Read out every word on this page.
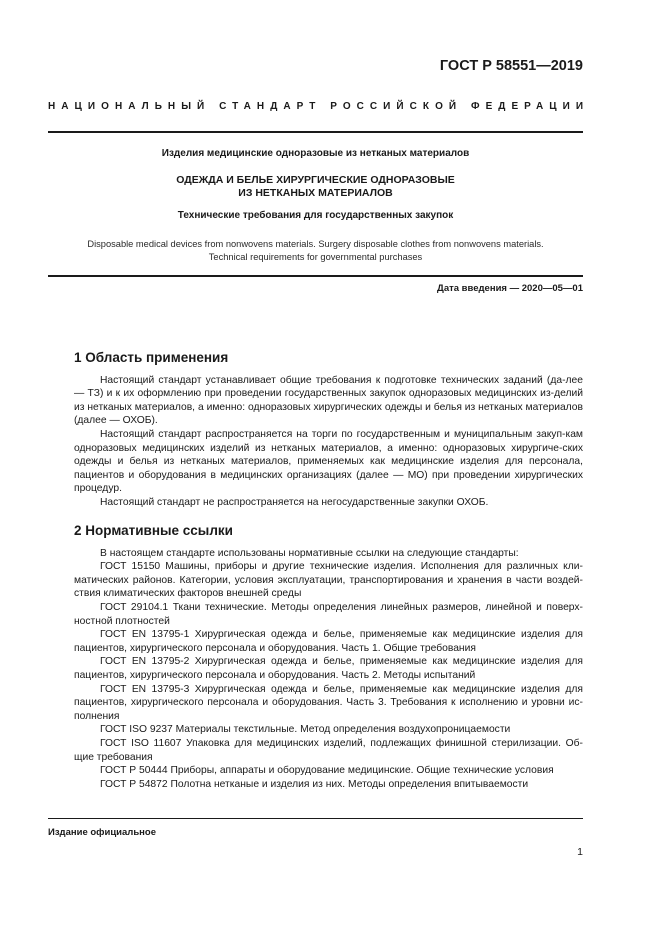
ГОСТ Р 58551—2019
НАЦИОНАЛЬНЫЙ СТАНДАРТ РОССИЙСКОЙ ФЕДЕРАЦИИ
Изделия медицинские одноразовые из нетканых материалов
ОДЕЖДА И БЕЛЬЕ ХИРУРГИЧЕСКИЕ ОДНОРАЗОВЫЕ
ИЗ НЕТКАНЫХ МАТЕРИАЛОВ
Технические требования для государственных закупок
Disposable medical devices from nonwovens materials. Surgery disposable clothes from nonwovens materials.
Technical requirements for governmental purchases
Дата введения — 2020—05—01
1 Область применения

Настоящий стандарт устанавливает общие требования к подготовке технических заданий (да-лее — ТЗ) и к их оформлению при проведении государственных закупок одноразовых медицинских из-делий из нетканых материалов, а именно: одноразовых хирургических одежды и белья из нетканых материалов (далее — ОХОБ).

Настоящий стандарт распространяется на торги по государственным и муниципальным закуп-кам одноразовых медицинских изделий из нетканых материалов, а именно: одноразовых хирургиче-ских одежды и белья из нетканых материалов, применяемых как медицинские изделия для персонала, пациентов и оборудования в медицинских организациях (далее — МО) при проведении хирургических процедур.

Настоящий стандарт не распространяется на негосударственные закупки ОХОБ.

2 Нормативные ссылки

В настоящем стандарте использованы нормативные ссылки на следующие стандарты:

ГОСТ 15150 Машины, приборы и другие технические изделия. Исполнения для различных кли-матических районов. Категории, условия эксплуатации, транспортирования и хранения в части воздей-ствия климатических факторов внешней среды

ГОСТ 29104.1 Ткани технические. Методы определения линейных размеров, линейной и поверх-ностной плотностей

ГОСТ EN 13795-1 Хирургическая одежда и белье, применяемые как медицинские изделия для пациентов, хирургического персонала и оборудования. Часть 1. Общие требования

ГОСТ EN 13795-2 Хирургическая одежда и белье, применяемые как медицинские изделия для пациентов, хирургического персонала и оборудования. Часть 2. Методы испытаний

ГОСТ EN 13795-3 Хирургическая одежда и белье, применяемые как медицинские изделия для пациентов, хирургического персонала и оборудования. Часть 3. Требования к исполнению и уровни ис-полнения

ГОСТ ISO 9237 Материалы текстильные. Метод определения воздухопроницаемости

ГОСТ ISO 11607 Упаковка для медицинских изделий, подлежащих финишной стерилизации. Об-щие требования

ГОСТ Р 50444 Приборы, аппараты и оборудование медицинские. Общие технические условия

ГОСТ Р 54872 Полотна нетканые и изделия из них. Методы определения впитываемости

Издание официальное
1
